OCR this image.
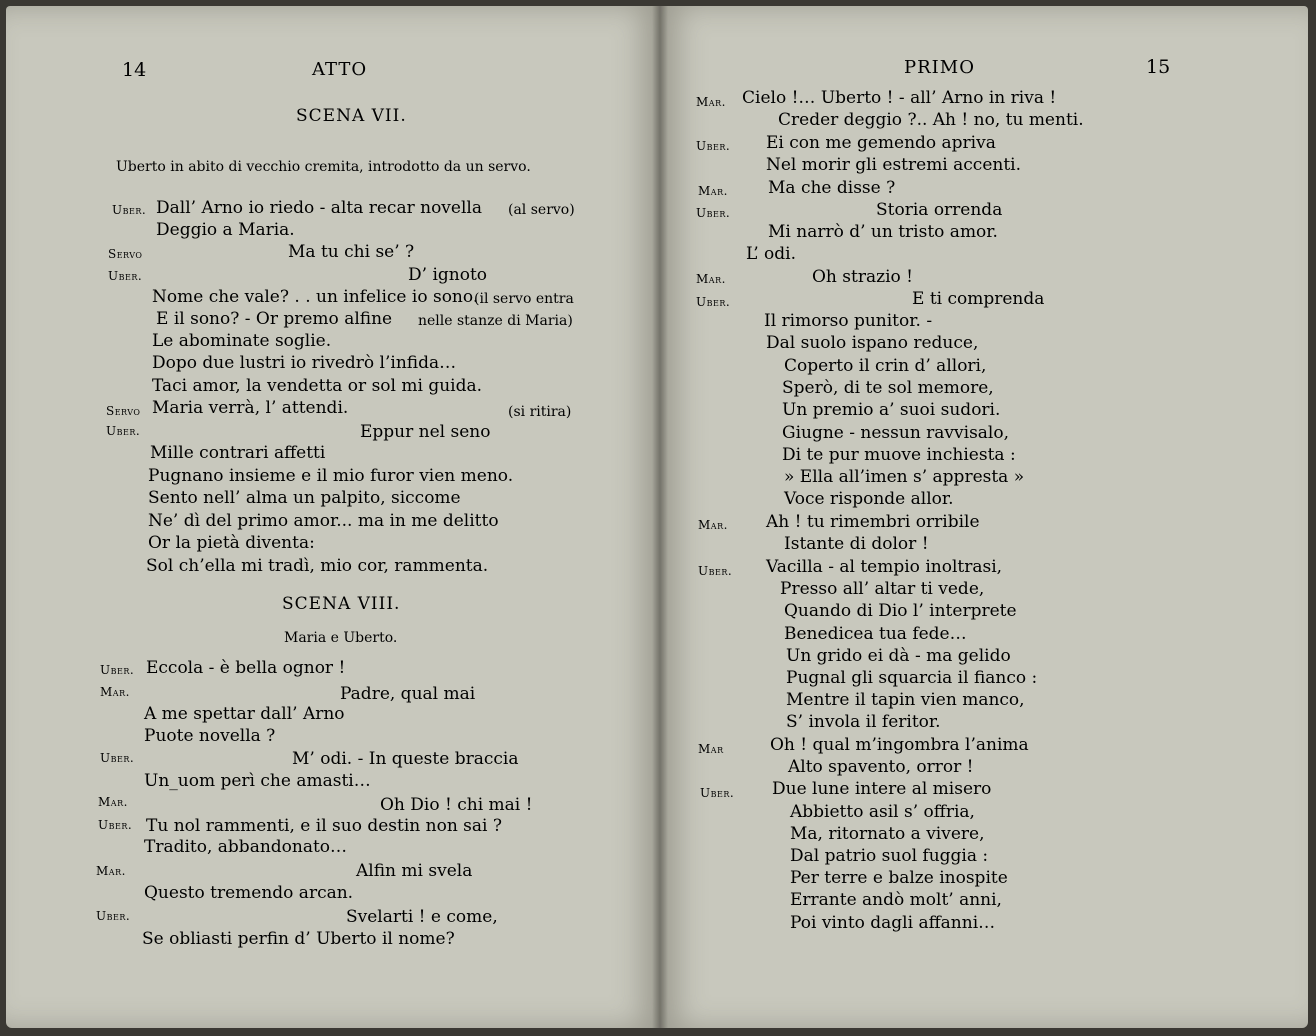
14	ATTO
SCENA VII.
Uberto in abito di vecchio cremita, introdotto da un servo.
Uber. Dall’ Arno io riedo - alta recar novella (al servo)
Deggio a Maria.
Servo	Ma tu chi se’ ?
Uber.	D’ ignoto
Nome che vale? . . un infelice io sono.
(il servo entra
E il sono? - Or premo alfine nelle stanze di Maria)
Le abominate soglie.
Dopo due lustri io rivedrò l’infida…
Taci amor, la vendetta or sol mi guida.
Servo Maria verrà, l’ attendi.	(si ritira)
Uber.	Eppur nel seno
Mille contrari affetti
Pugnano insieme e il mio furor vien meno.
Sento nell’ alma un palpito, siccome
Ne’ dì del primo amor... ma in me delitto
Or la pietà diventa:
Sol ch’ella mi tradì, mio cor, rammenta.
SCENA VIII.
Maria e Uberto.
Uber. Eccola - è bella ognor !
Mar.	Padre, qual mai
A me spettar dall’ Arno
Puote novella ?
Uber.	M’ odi. - In queste braccia
Un_uom perì che amasti…
Mar.	Oh Dio ! chi mai !
Uber. Tu nol rammenti, e il suo destin non sai ?
Tradito, abbandonato…
Mar.	Alfin mi svela
Questo tremendo arcan.
Uber.	Svelarti ! e come,
Se obliasti perfin d’ Uberto il nome?
PRIMO	15
Mar. Cielo !… Uberto ! - all’ Arno in riva !
Creder deggio ?.. Ah ! no, tu menti.
Uber. Ei con me gemendo apriva
Nel morir gli estremi accenti.
Mar. Ma che disse ?
Uber.	Storia orrenda
Mi narrò d’ un tristo amor.
L’ odi.
Mar.	Oh strazio !
Uber.	E ti comprenda
Il rimorso punitor. -
Dal suolo ispano reduce,
Coperto il crin d’ allori,
Sperò, di te sol memore,
Un premio a’ suoi sudori.
Giugne - nessun ravvisalo,
Di te pur muove inchiesta :
» Ella all’imen s’ appresta »
Voce risponde allor.
Mar. Ah ! tu rimembri orribile
Istante di dolor !
Uber. Vacilla - al tempio inoltrasi,
Presso all’ altar ti vede,
Quando di Dio l’ interprete
Benedicea tua fede…
Un grido ei dà - ma gelido
Pugnal gli squarcia il fianco :
Mentre il tapin vien manco,
S’ invola il feritor.
Mar	Oh ! qual m’ingombra l’anima
Alto spavento, orror !
Uber. Due lune intere al misero
Abbietto asil s’ offria,
Ma, ritornato a vivere,
Dal patrio suol fuggia :
Per terre e balze inospite
Errante andò molt’ anni,
Poi vinto dagli affanni…
